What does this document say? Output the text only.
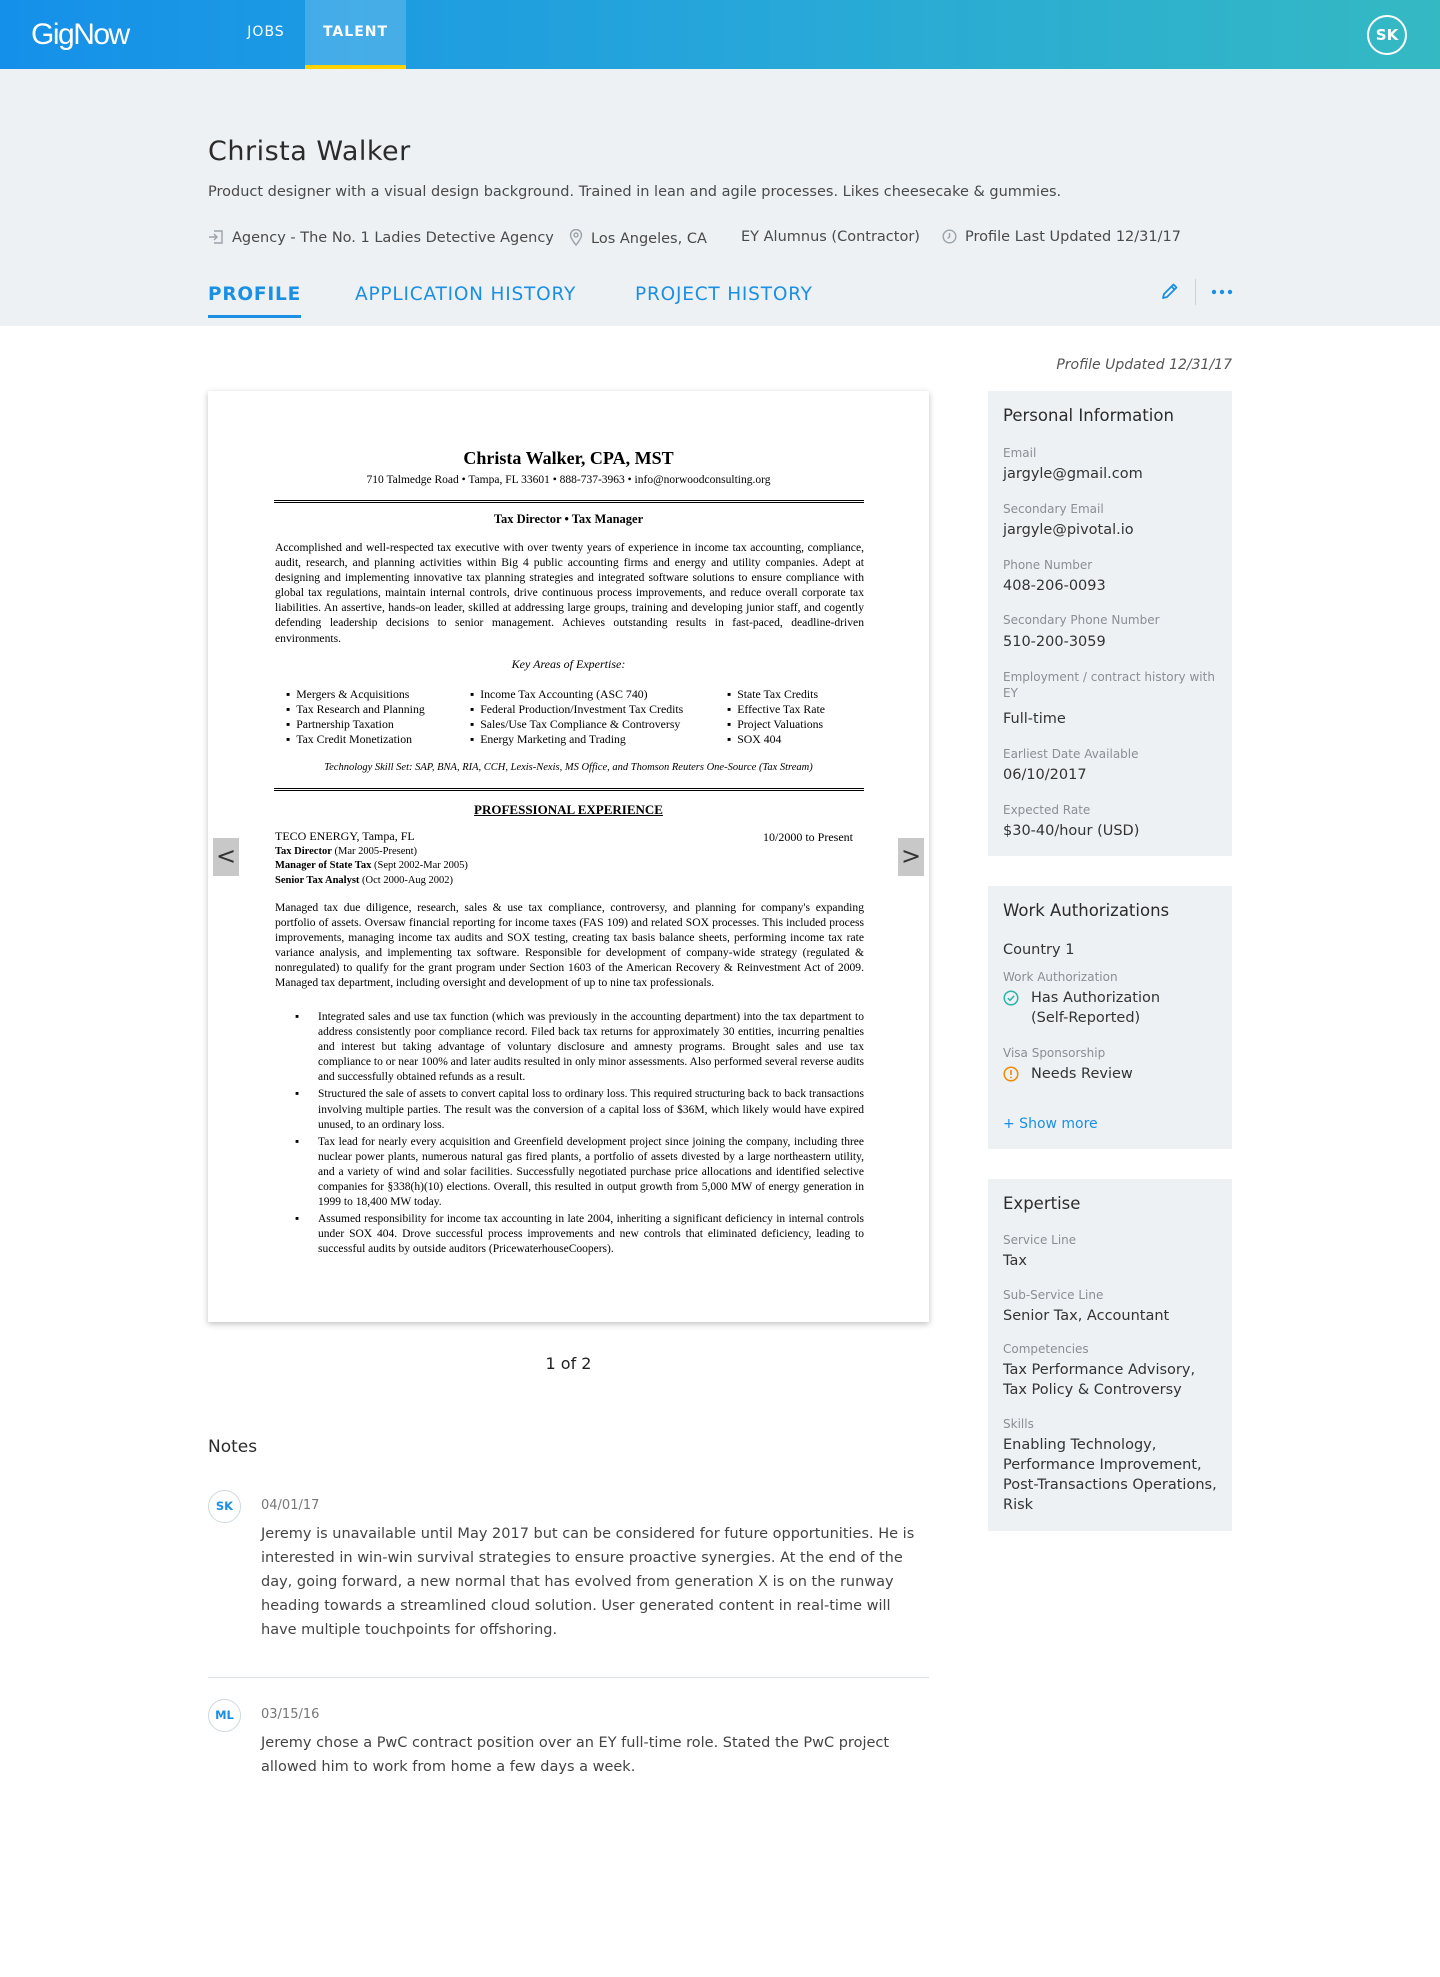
GigNow	JOBS	TALENT	SK
Christa Walker
Product designer with a visual design background. Trained in lean and agile processes. Likes cheesecake & gummies.
Agency - The No. 1 Ladies Detective Agency	Los Angeles, CA EY Alumnus (Contractor)	Profile Last Updated 12/31/17
PROFILE	APPLICATION HISTORY	PROJECT HISTORY
Profile Updated 12/31/17
Christa Walker, CPA, MST
710 Talmedge Road • Tampa, FL 33601 • 888-737-3963 • info@norwoodconsulting.org
Tax Director • Tax Manager
Accomplished and well-respected tax executive with over twenty years of experience in income tax accounting, compliance, audit, research, and planning activities within Big 4 public accounting firms and energy and utility companies. Adept at designing and implementing innovative tax planning strategies and integrated software solutions to ensure compliance with global tax regulations, maintain internal controls, drive continuous process improvements, and reduce overall corporate tax liabilities. An assertive, hands-on leader, skilled at addressing large groups, training and developing junior staff, and cogently defending leadership decisions to senior management. Achieves outstanding results in fast-paced, deadline-driven environments.
Key Areas of Expertise:
▪ Mergers & Acquisitions
▪ Tax Research and Planning
▪ Partnership Taxation
▪ Tax Credit Monetization
▪ Income Tax Accounting (ASC 740)
▪ Federal Production/Investment Tax Credits
▪ Sales/Use Tax Compliance & Controversy
▪ Energy Marketing and Trading
▪ State Tax Credits
▪ Effective Tax Rate
▪ Project Valuations
▪ SOX 404
Technology Skill Set: SAP, BNA, RIA, CCH, Lexis-Nexis, MS Office, and Thomson Reuters One-Source (Tax Stream)
PROFESSIONAL EXPERIENCE
TECO ENERGY, Tampa, FL
Tax Director (Mar 2005-Present)
Manager of State Tax (Sept 2002-Mar 2005)
Senior Tax Analyst (Oct 2000-Aug 2002)
10/2000 to Present
Managed tax due diligence, research, sales & use tax compliance, controversy, and planning for company's expanding portfolio of assets. Oversaw financial reporting for income taxes (FAS 109) and related SOX processes. This included process improvements, managing income tax audits and SOX testing, creating tax basis balance sheets, performing income tax rate variance analysis, and implementing tax software. Responsible for development of company-wide strategy (regulated & nonregulated) to qualify for the grant program under Section 1603 of the American Recovery & Reinvestment Act of 2009. Managed tax department, including oversight and development of up to nine tax professionals.
▪ Integrated sales and use tax function (which was previously in the accounting department) into the tax department to address consistently poor compliance record. Filed back tax returns for approximately 30 entities, incurring penalties and interest but taking advantage of voluntary disclosure and amnesty programs. Brought sales and use tax compliance to or near 100% and later audits resulted in only minor assessments. Also performed several reverse audits and successfully obtained refunds as a result.
▪ Structured the sale of assets to convert capital loss to ordinary loss. This required structuring back to back transactions involving multiple parties. The result was the conversion of a capital loss of $36M, which likely would have expired unused, to an ordinary loss.
▪ Tax lead for nearly every acquisition and Greenfield development project since joining the company, including three nuclear power plants, numerous natural gas fired plants, a portfolio of assets divested by a large northeastern utility, and a variety of wind and solar facilities. Successfully negotiated purchase price allocations and identified selective companies for §338(h)(10) elections. Overall, this resulted in output growth from 5,000 MW of energy generation in 1999 to 18,400 MW today.
▪ Assumed responsibility for income tax accounting in late 2004, inheriting a significant deficiency in internal controls under SOX 404. Drove successful process improvements and new controls that eliminated deficiency, leading to successful audits by outside auditors (PricewaterhouseCoopers).
<	>
1 of 2
Notes
SK	04/01/17
Jeremy is unavailable until May 2017 but can be considered for future opportunities. He is interested in win-win survival strategies to ensure proactive synergies. At the end of the day, going forward, a new normal that has evolved from generation X is on the runway heading towards a streamlined cloud solution. User generated content in real-time will have multiple touchpoints for offshoring.
ML	03/15/16
Jeremy chose a PwC contract position over an EY full-time role. Stated the PwC project allowed him to work from home a few days a week.
Personal Information
Email
jargyle@gmail.com
Secondary Email
jargyle@pivotal.io
Phone Number
408-206-0093
Secondary Phone Number
510-200-3059
Employment / contract history with EY
Full-time
Earliest Date Available
06/10/2017
Expected Rate
$30-40/hour (USD)
Work Authorizations
Country 1
Work Authorization
Has Authorization (Self-Reported)
Visa Sponsorship
Needs Review
+ Show more
Expertise
Service Line
Tax
Sub-Service Line
Senior Tax, Accountant
Competencies
Tax Performance Advisory, Tax Policy & Controversy
Skills
Enabling Technology, Performance Improvement, Post-Transactions Operations, Risk
